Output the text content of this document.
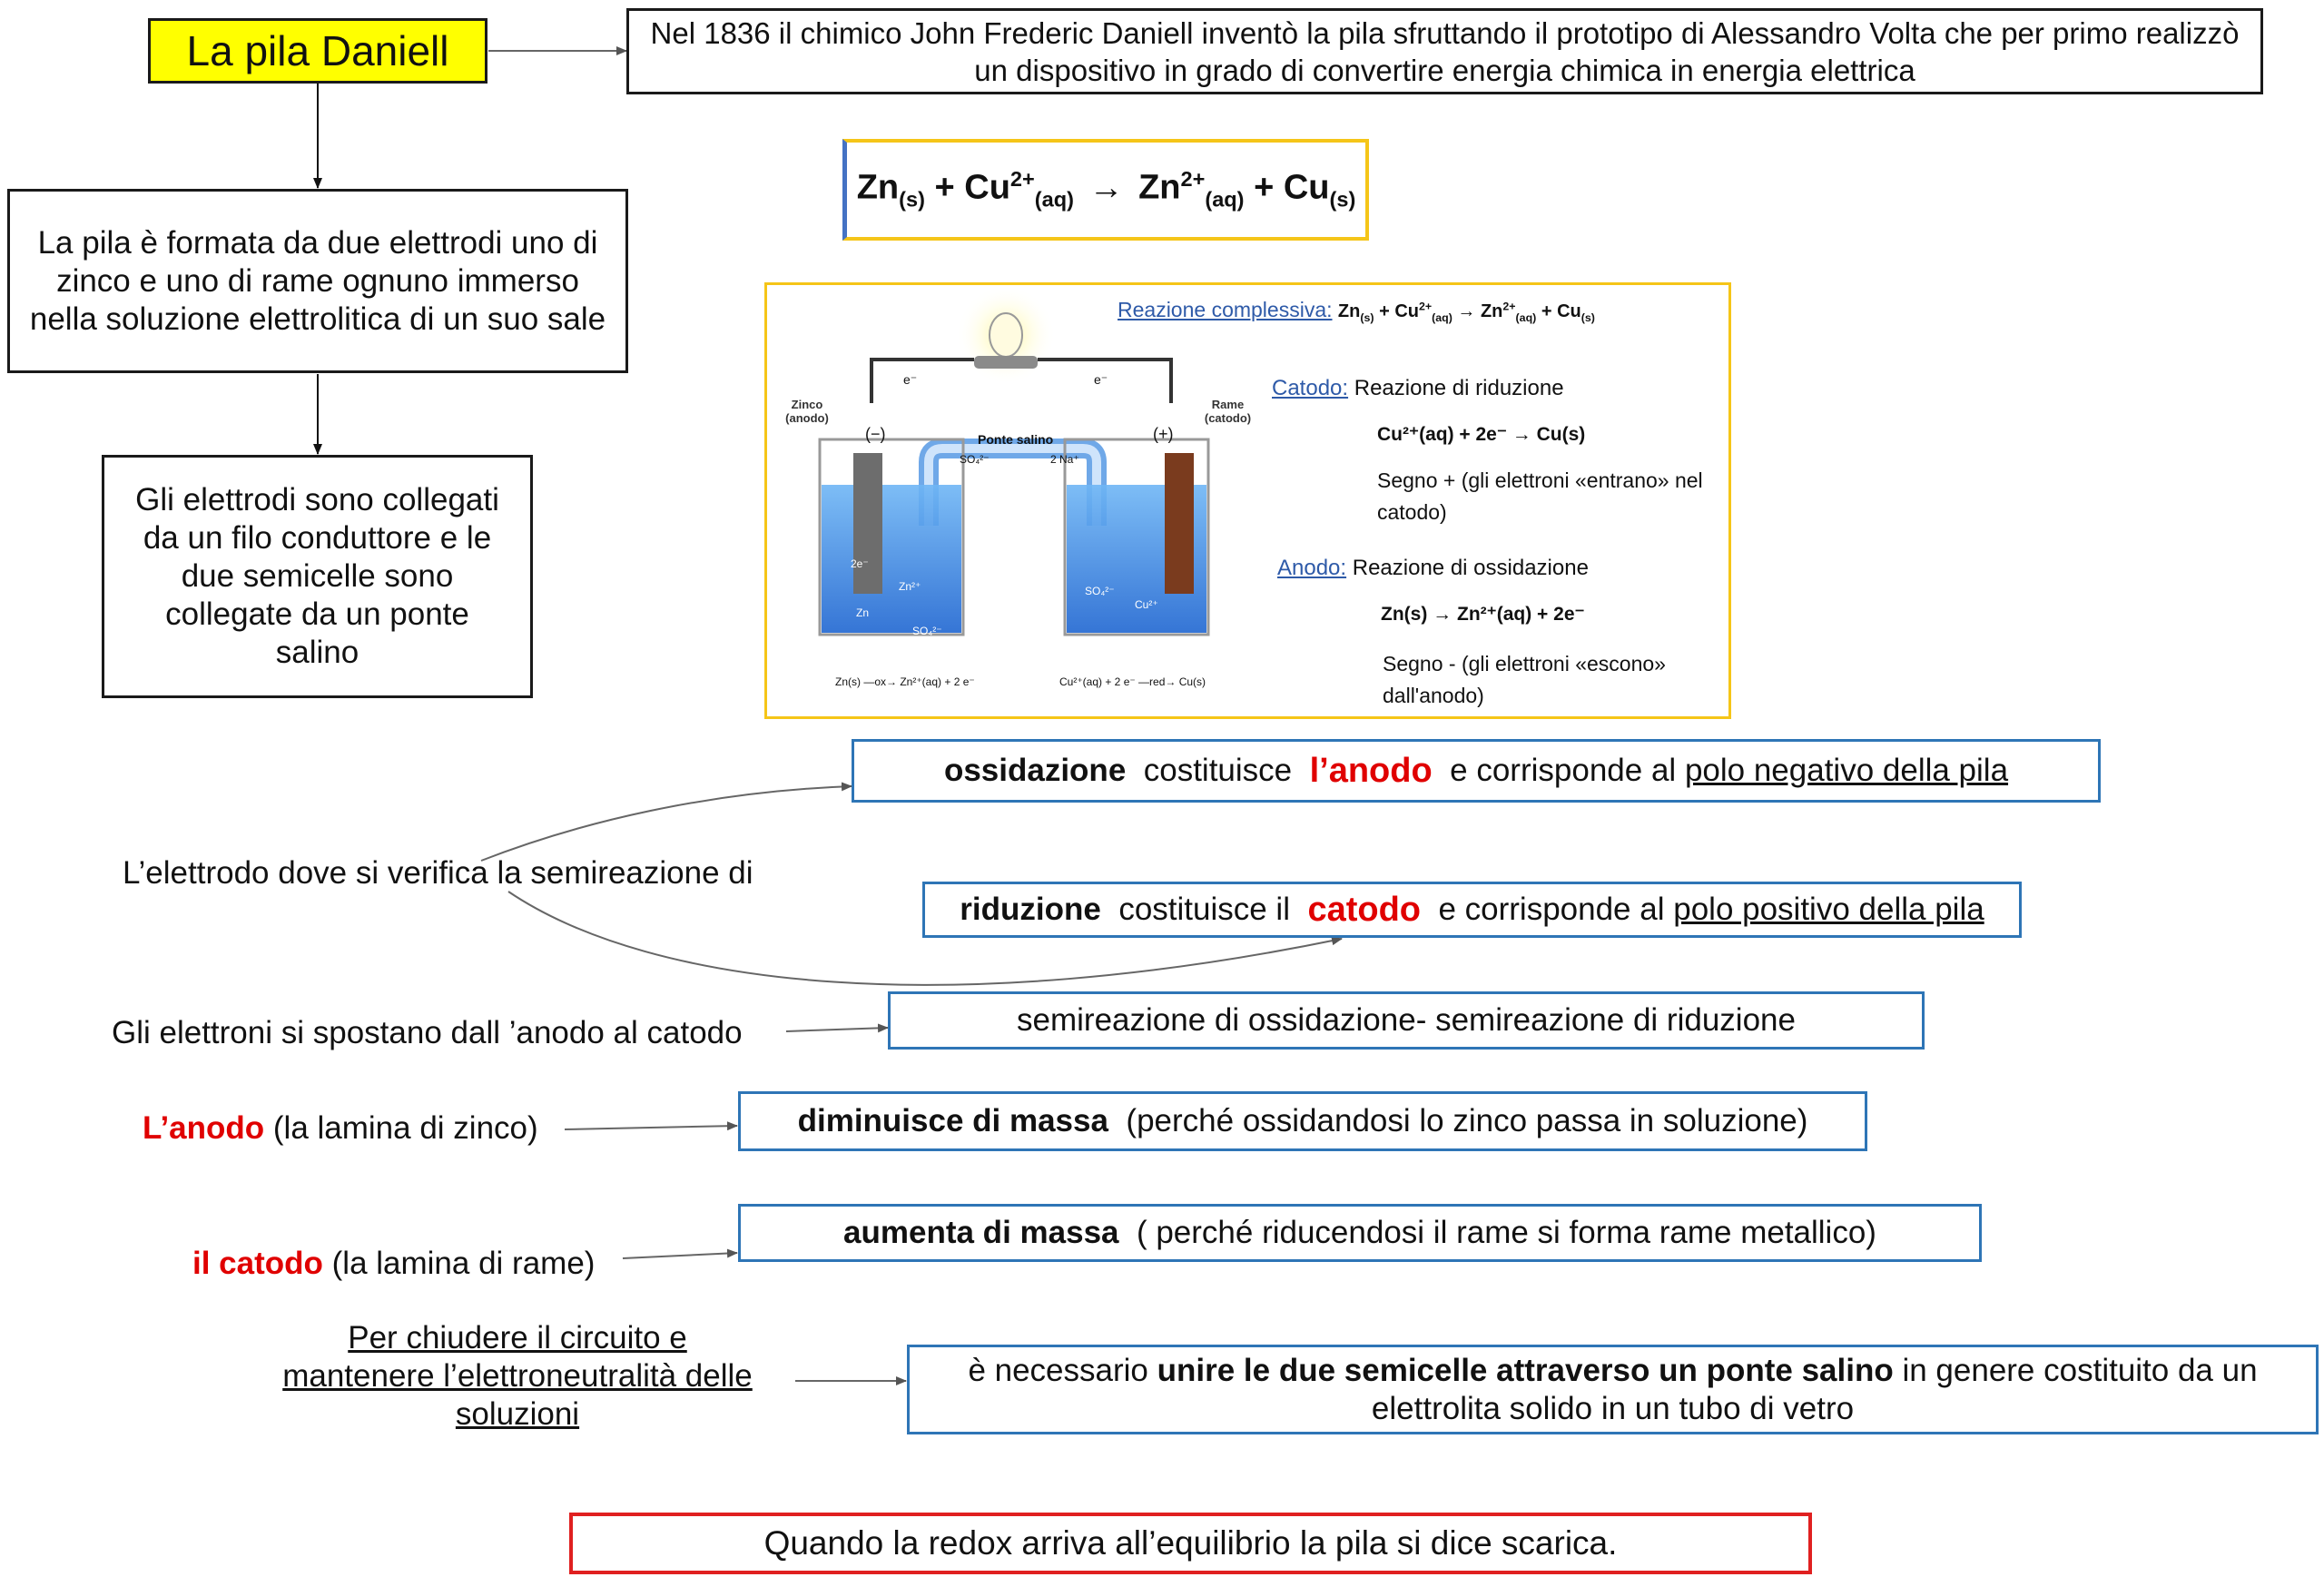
La pila Daniell	Nel 1836 il chimico John Frederic Daniell inventò la pila sfruttando il prototipo di Alessandro Volta che per primo realizzò un dispositivo in grado di convertire energia chimica in energia elettrica
La pila è formata da due elettrodi uno di zinco e uno di rame ognuno immerso nella soluzione elettrolitica di un suo sale
Gli elettrodi sono collegati da un filo conduttore e le due semicelle sono collegate da un ponte salino
$Zn_{(s)} + Cu^{2+}_{(aq)} \to Zn^{2+}_{(aq)} + Cu_{(s)}$
e⁻	e⁻
Zinco (anodo)
Rame (catodo)
(−)	(+)
Ponte salino
SO₄²⁻	2 Na⁺
2e⁻
Zn²⁺
Zn
SO₄²⁻
SO₄²⁻
Cu²⁺
Zn(s) —ox→ Zn²⁺(aq) + 2 e⁻	Cu²⁺(aq) + 2 e⁻ —red→ Cu(s)
Reazione complessiva: $Zn_{(s)} + Cu^{2+}_{(aq)} \to Zn^{2+}_{(aq)} + Cu_{(s)}$
Catodo: Reazione di riduzione
Cu²⁺(aq) + 2e⁻ → Cu(s)
Segno + (gli elettroni «entrano» nel catodo)
Anodo: Reazione di ossidazione
Zn(s) → Zn²⁺(aq) + 2e⁻
Segno - (gli elettroni «escono» dall'anodo)
L’elettrodo dove si verifica la semireazione di
Gli elettroni si spostano dall ’anodo al catodo
L’anodo (la lamina di zinco)
il catodo (la lamina di rame)
Per chiudere il circuito e
mantenere l’elettroneutralità delle
soluzioni
ossidazione
costituisce
l’anodo
e corrisponde al
polo negativo della pila
riduzione
costituisce il
catodo
e corrisponde al
polo positivo della pila
semireazione di ossidazione- semireazione di riduzione
diminuisce di massa
(perché ossidandosi lo zinco passa in soluzione)
aumenta di massa
( perché riducendosi il rame si forma rame metallico)
è necessario unire le due semicelle attraverso un ponte salino in genere costituito da un elettrolita solido in un tubo di vetro
Quando la redox arriva all’equilibrio la pila si dice scarica.
